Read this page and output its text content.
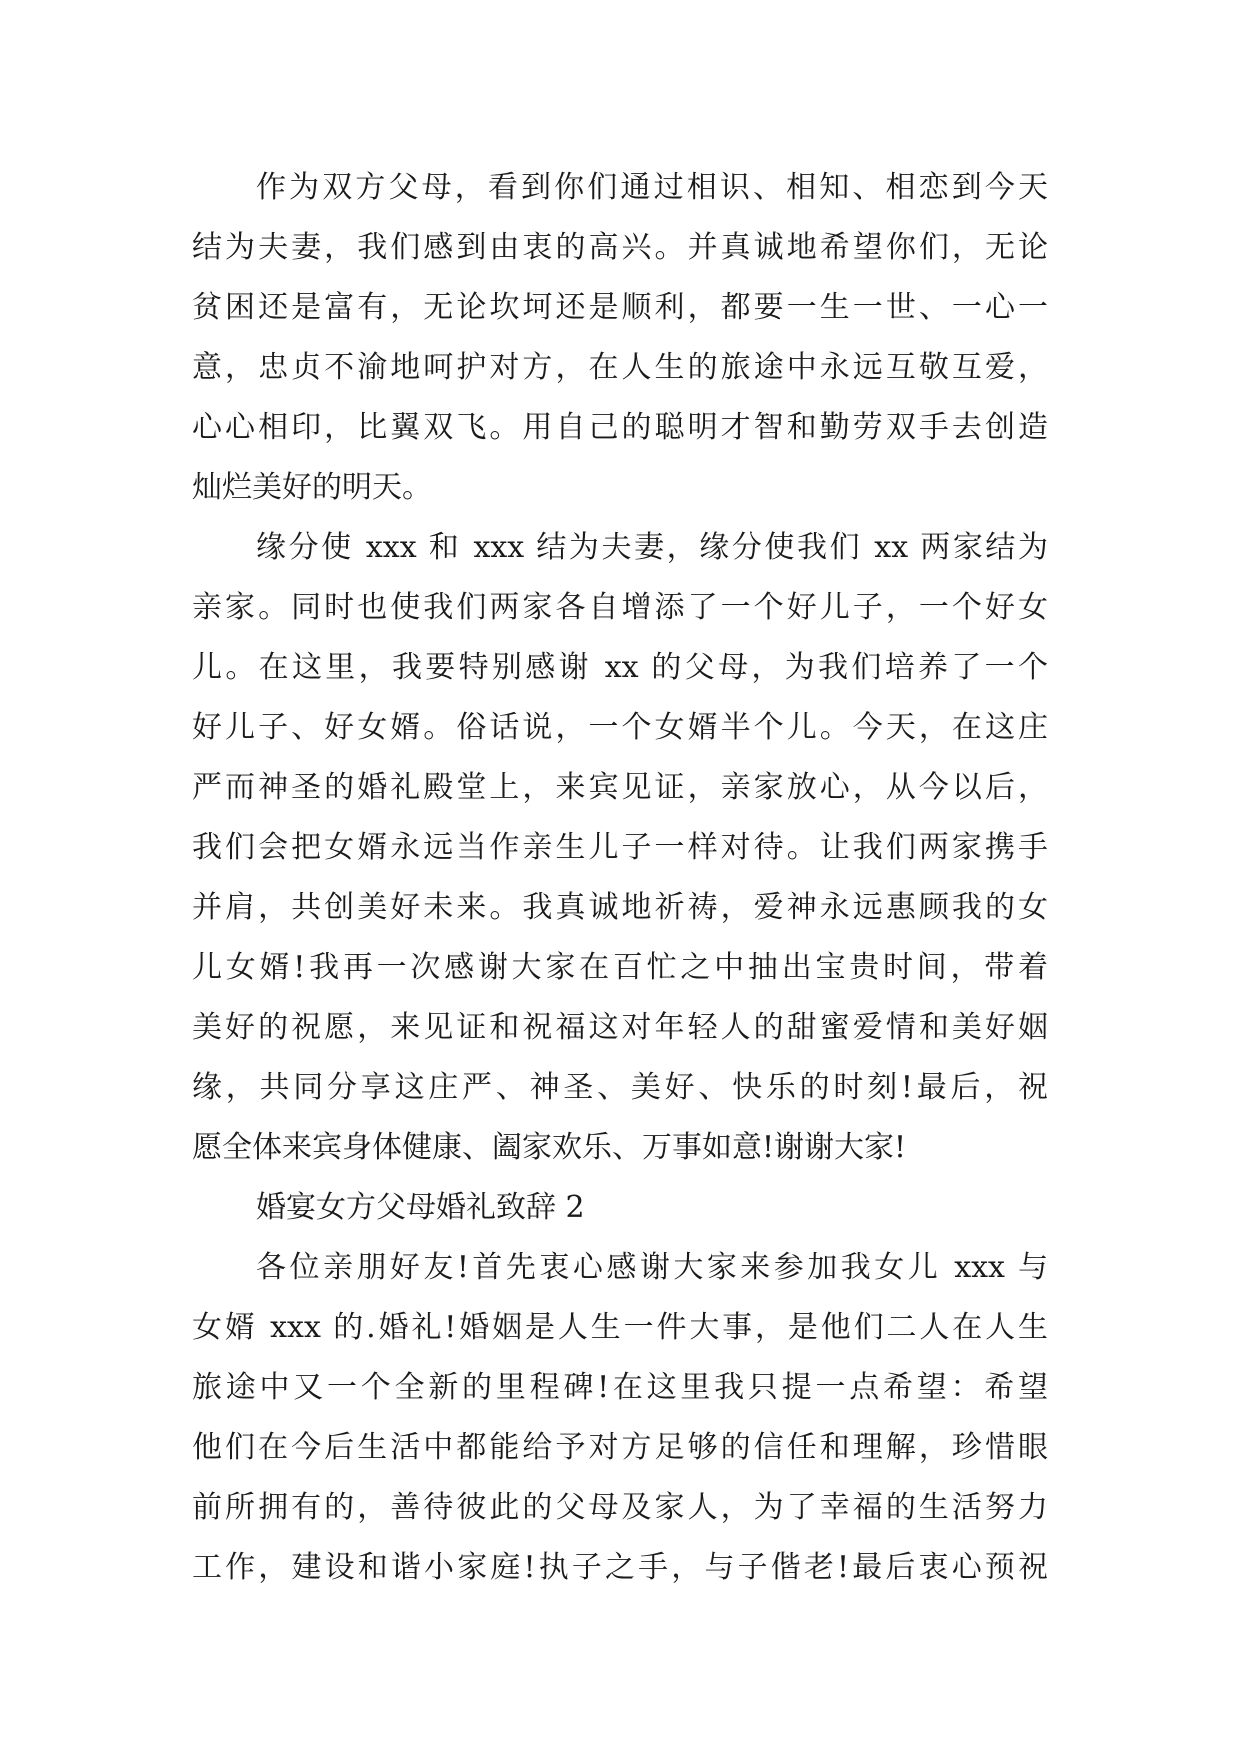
作为双方父母，看到你们通过相识、相知、相恋到今天
结为夫妻，我们感到由衷的高兴。并真诚地希望你们，无论
贫困还是富有，无论坎坷还是顺利，都要一生一世、一心一
意，忠贞不渝地呵护对方，在人生的旅途中永远互敬互爱，
心心相印，比翼双飞。用自己的聪明才智和勤劳双手去创造
灿烂美好的明天。
缘分使 xxx 和 xxx 结为夫妻，缘分使我们 xx 两家结为
亲家。同时也使我们两家各自增添了一个好儿子，一个好女
儿。在这里，我要特别感谢 xx 的父母，为我们培养了一个
好儿子、好女婿。俗话说，一个女婿半个儿。今天，在这庄
严而神圣的婚礼殿堂上，来宾见证，亲家放心，从今以后，
我们会把女婿永远当作亲生儿子一样对待。让我们两家携手
并肩，共创美好未来。我真诚地祈祷，爱神永远惠顾我的女
儿女婿!我再一次感谢大家在百忙之中抽出宝贵时间，带着
美好的祝愿，来见证和祝福这对年轻人的甜蜜爱情和美好姻
缘，共同分享这庄严、神圣、美好、快乐的时刻!最后，祝
愿全体来宾身体健康、阖家欢乐、万事如意!谢谢大家!
婚宴女方父母婚礼致辞 2
各位亲朋好友!首先衷心感谢大家来参加我女儿 xxx 与
女婿 xxx 的.婚礼!婚姻是人生一件大事，是他们二人在人生
旅途中又一个全新的里程碑!在这里我只提一点希望：希望
他们在今后生活中都能给予对方足够的信任和理解，珍惜眼
前所拥有的，善待彼此的父母及家人，为了幸福的生活努力
工作，建设和谐小家庭!执子之手，与子偕老!最后衷心预祝
